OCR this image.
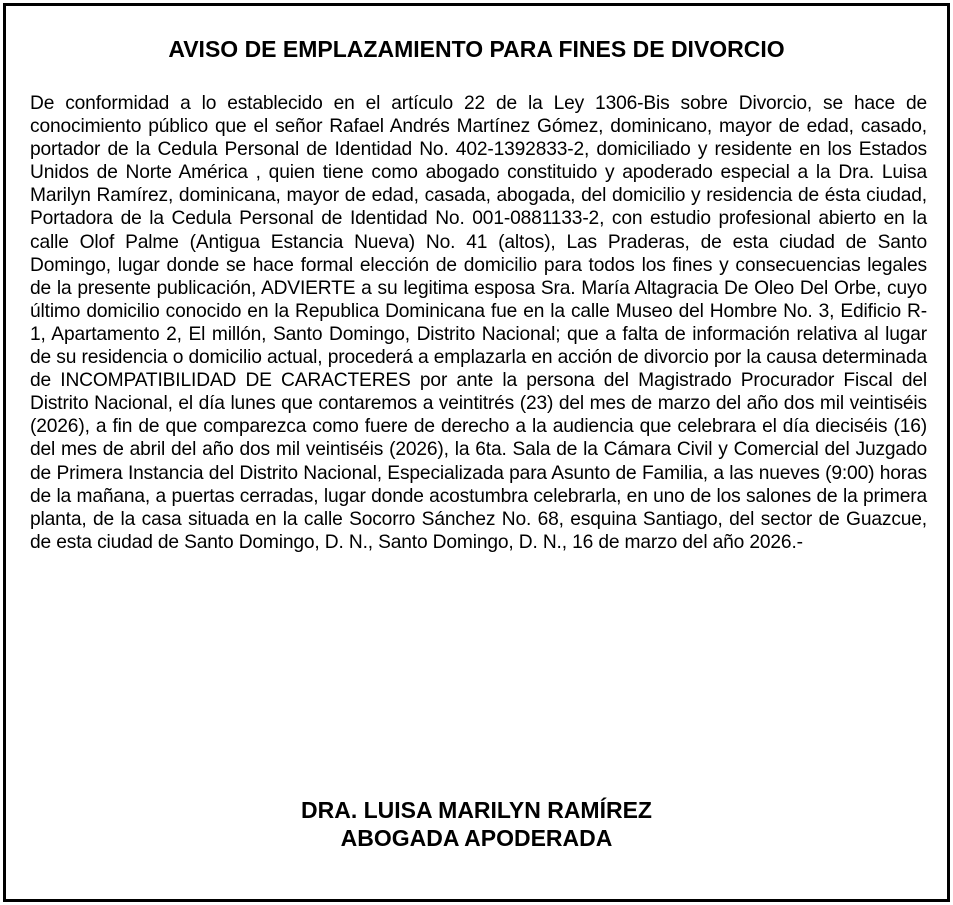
AVISO DE EMPLAZAMIENTO PARA FINES DE DIVORCIO

De conformidad a lo establecido en el artículo 22 de la Ley 1306-Bis sobre Divorcio, se hace de conocimiento público que el señor Rafael Andrés Martínez Gómez, dominicano, mayor de edad, casado, portador de la Cedula Personal de Identidad No. 402-1392833-2, domiciliado y residente en los Estados Unidos de Norte América , quien tiene como abogado constituido y apoderado especial a la Dra. Luisa Marilyn Ramírez, dominicana, mayor de edad, casada, abogada, del domicilio y residencia de ésta ciudad, Portadora de la Cedula Personal de Identidad No. 001-0881133-2, con estudio profesional abierto en la calle Olof Palme (Antigua Estancia Nueva) No. 41 (altos), Las Praderas, de esta ciudad de Santo Domingo, lugar donde se hace formal elección de domicilio para todos los fines y consecuencias legales de la presente publicación, ADVIERTE a su legitima esposa Sra. María Altagracia De Oleo Del Orbe, cuyo último domicilio conocido en la Republica Dominicana fue en la calle Museo del Hombre No. 3, Edificio R-1, Apartamento 2, El millón, Santo Domingo, Distrito Nacional; que a falta de información relativa al lugar de su residencia o domicilio actual, procederá a emplazarla en acción de divorcio por la causa determinada de INCOMPATIBILIDAD DE CARACTERES por ante la persona del Magistrado Procurador Fiscal del Distrito Nacional, el día lunes que contaremos a veintitrés (23) del mes de marzo del año dos mil veintiséis (2026), a fin de que comparezca como fuere de derecho a la audiencia que celebrara el día dieciséis (16) del mes de abril del año dos mil veintiséis (2026), la 6ta. Sala de la Cámara Civil y Comercial del Juzgado de Primera Instancia del Distrito Nacional, Especializada para Asunto de Familia, a las nueves (9:00) horas de la mañana, a puertas cerradas, lugar donde acostumbra celebrarla, en uno de los salones de la primera planta, de la casa situada en la calle Socorro Sánchez No. 68, esquina Santiago, del sector de Guazcue, de esta ciudad de Santo Domingo, D. N., Santo Domingo, D. N., 16 de marzo del año 2026.-

DRA. LUISA MARILYN RAMÍREZ
ABOGADA APODERADA
